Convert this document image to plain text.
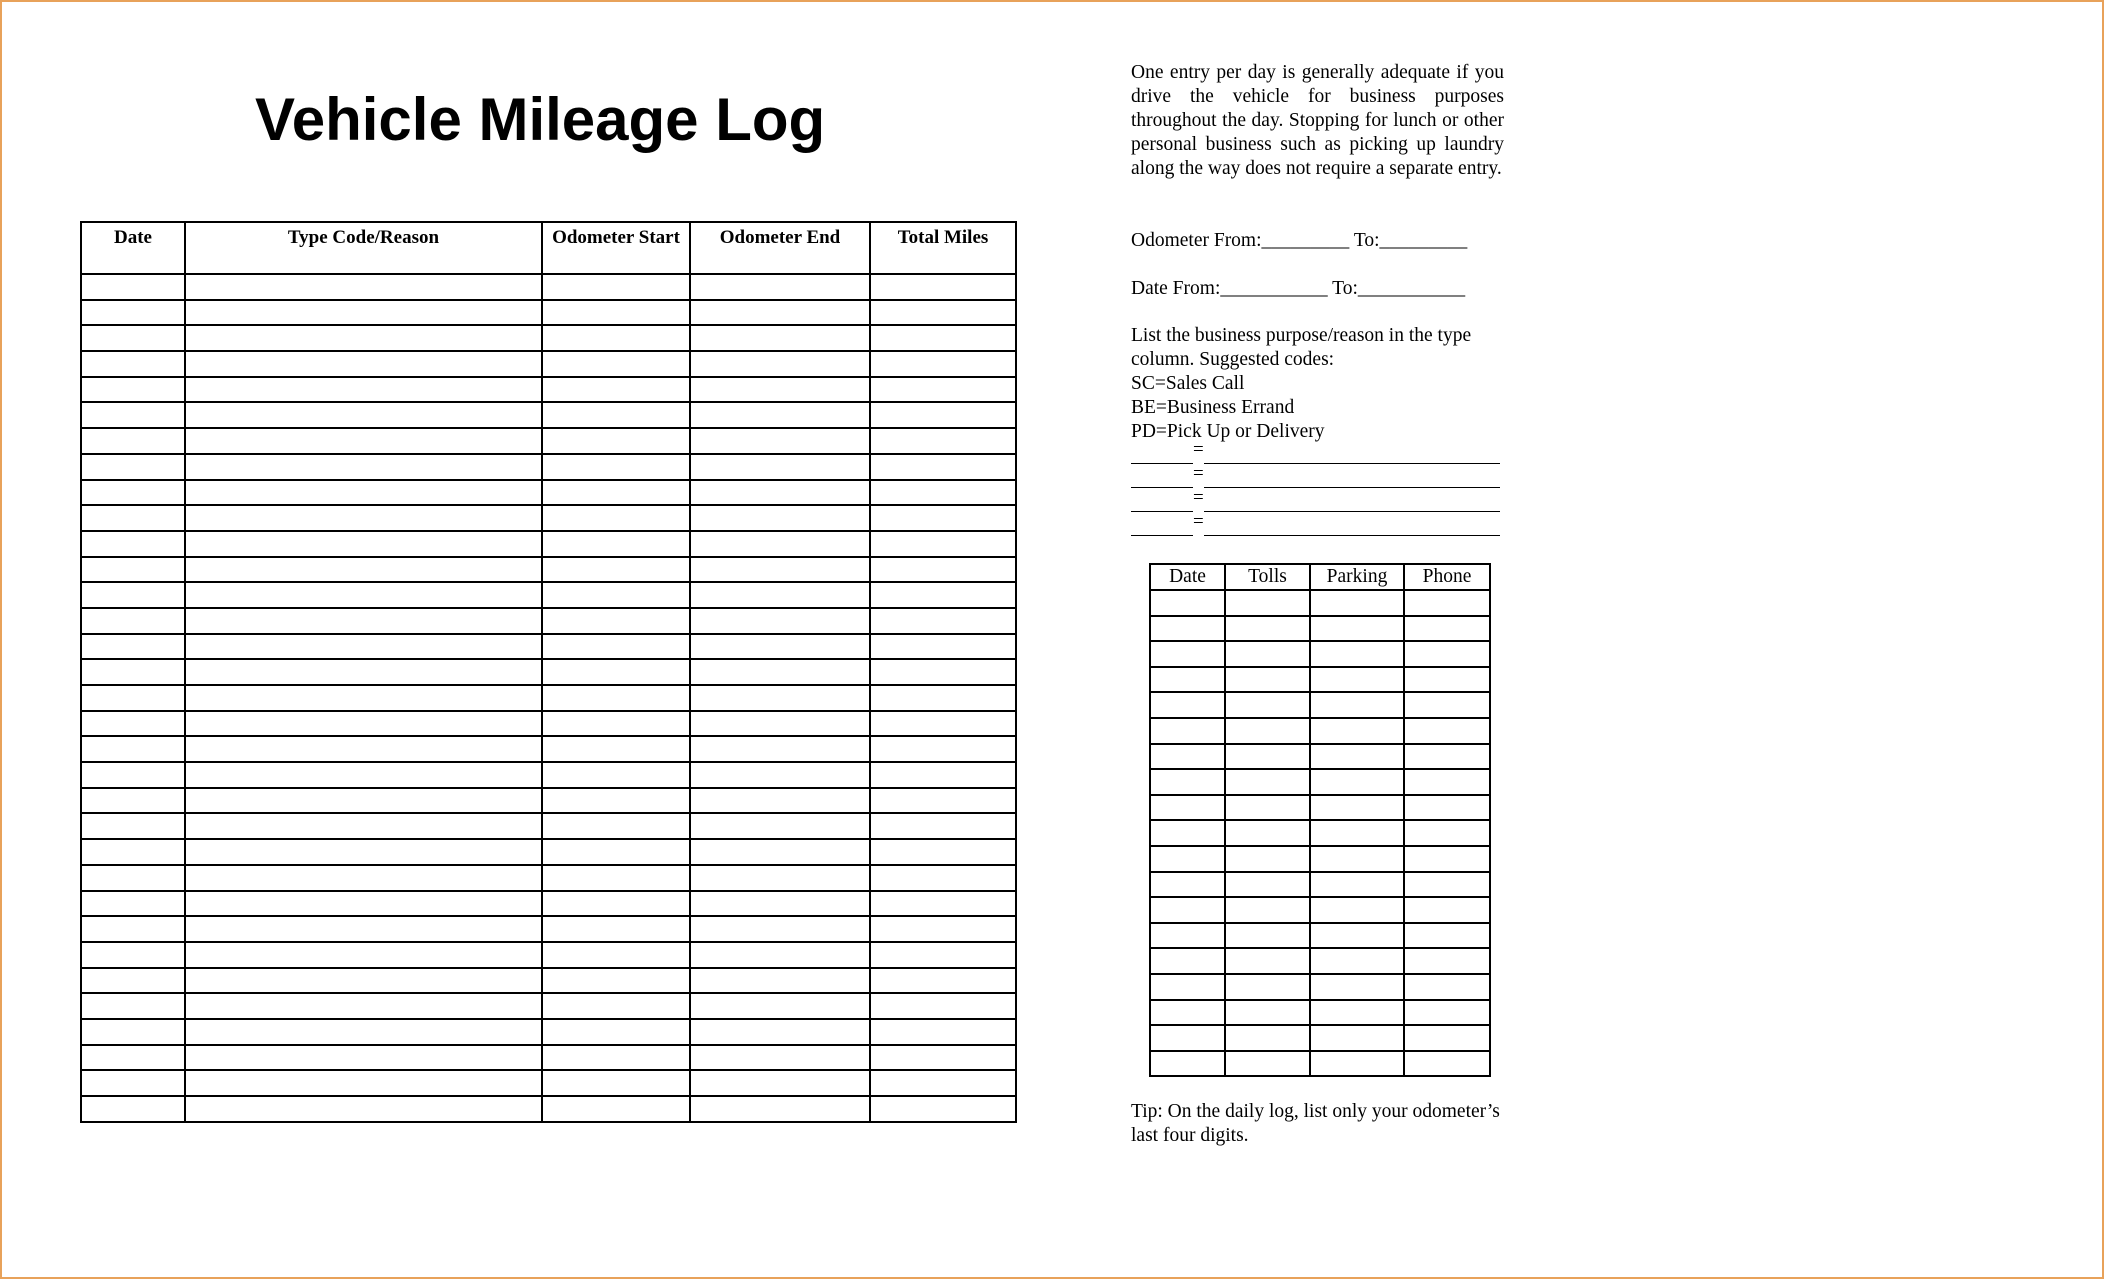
Vehicle Mileage Log
Date	Type Code/Reason	Odometer Start	Odometer End	Total Miles

One entry per day is generally adequate if you drive the vehicle for business purposes throughout the day. Stopping for lunch or other personal business such as picking up laundry along the way does not require a separate entry.
Odometer From:_________ To:_________
Date From:___________ To:___________
List the business purpose/reason in the type column. Suggested codes:
SC=Sales Call
BE=Business Errand
PD=Pick Up or Delivery
=
=
=
=
Date	Tolls	Parking	Phone

Tip: On the daily log, list only your odometer’s last four digits.
